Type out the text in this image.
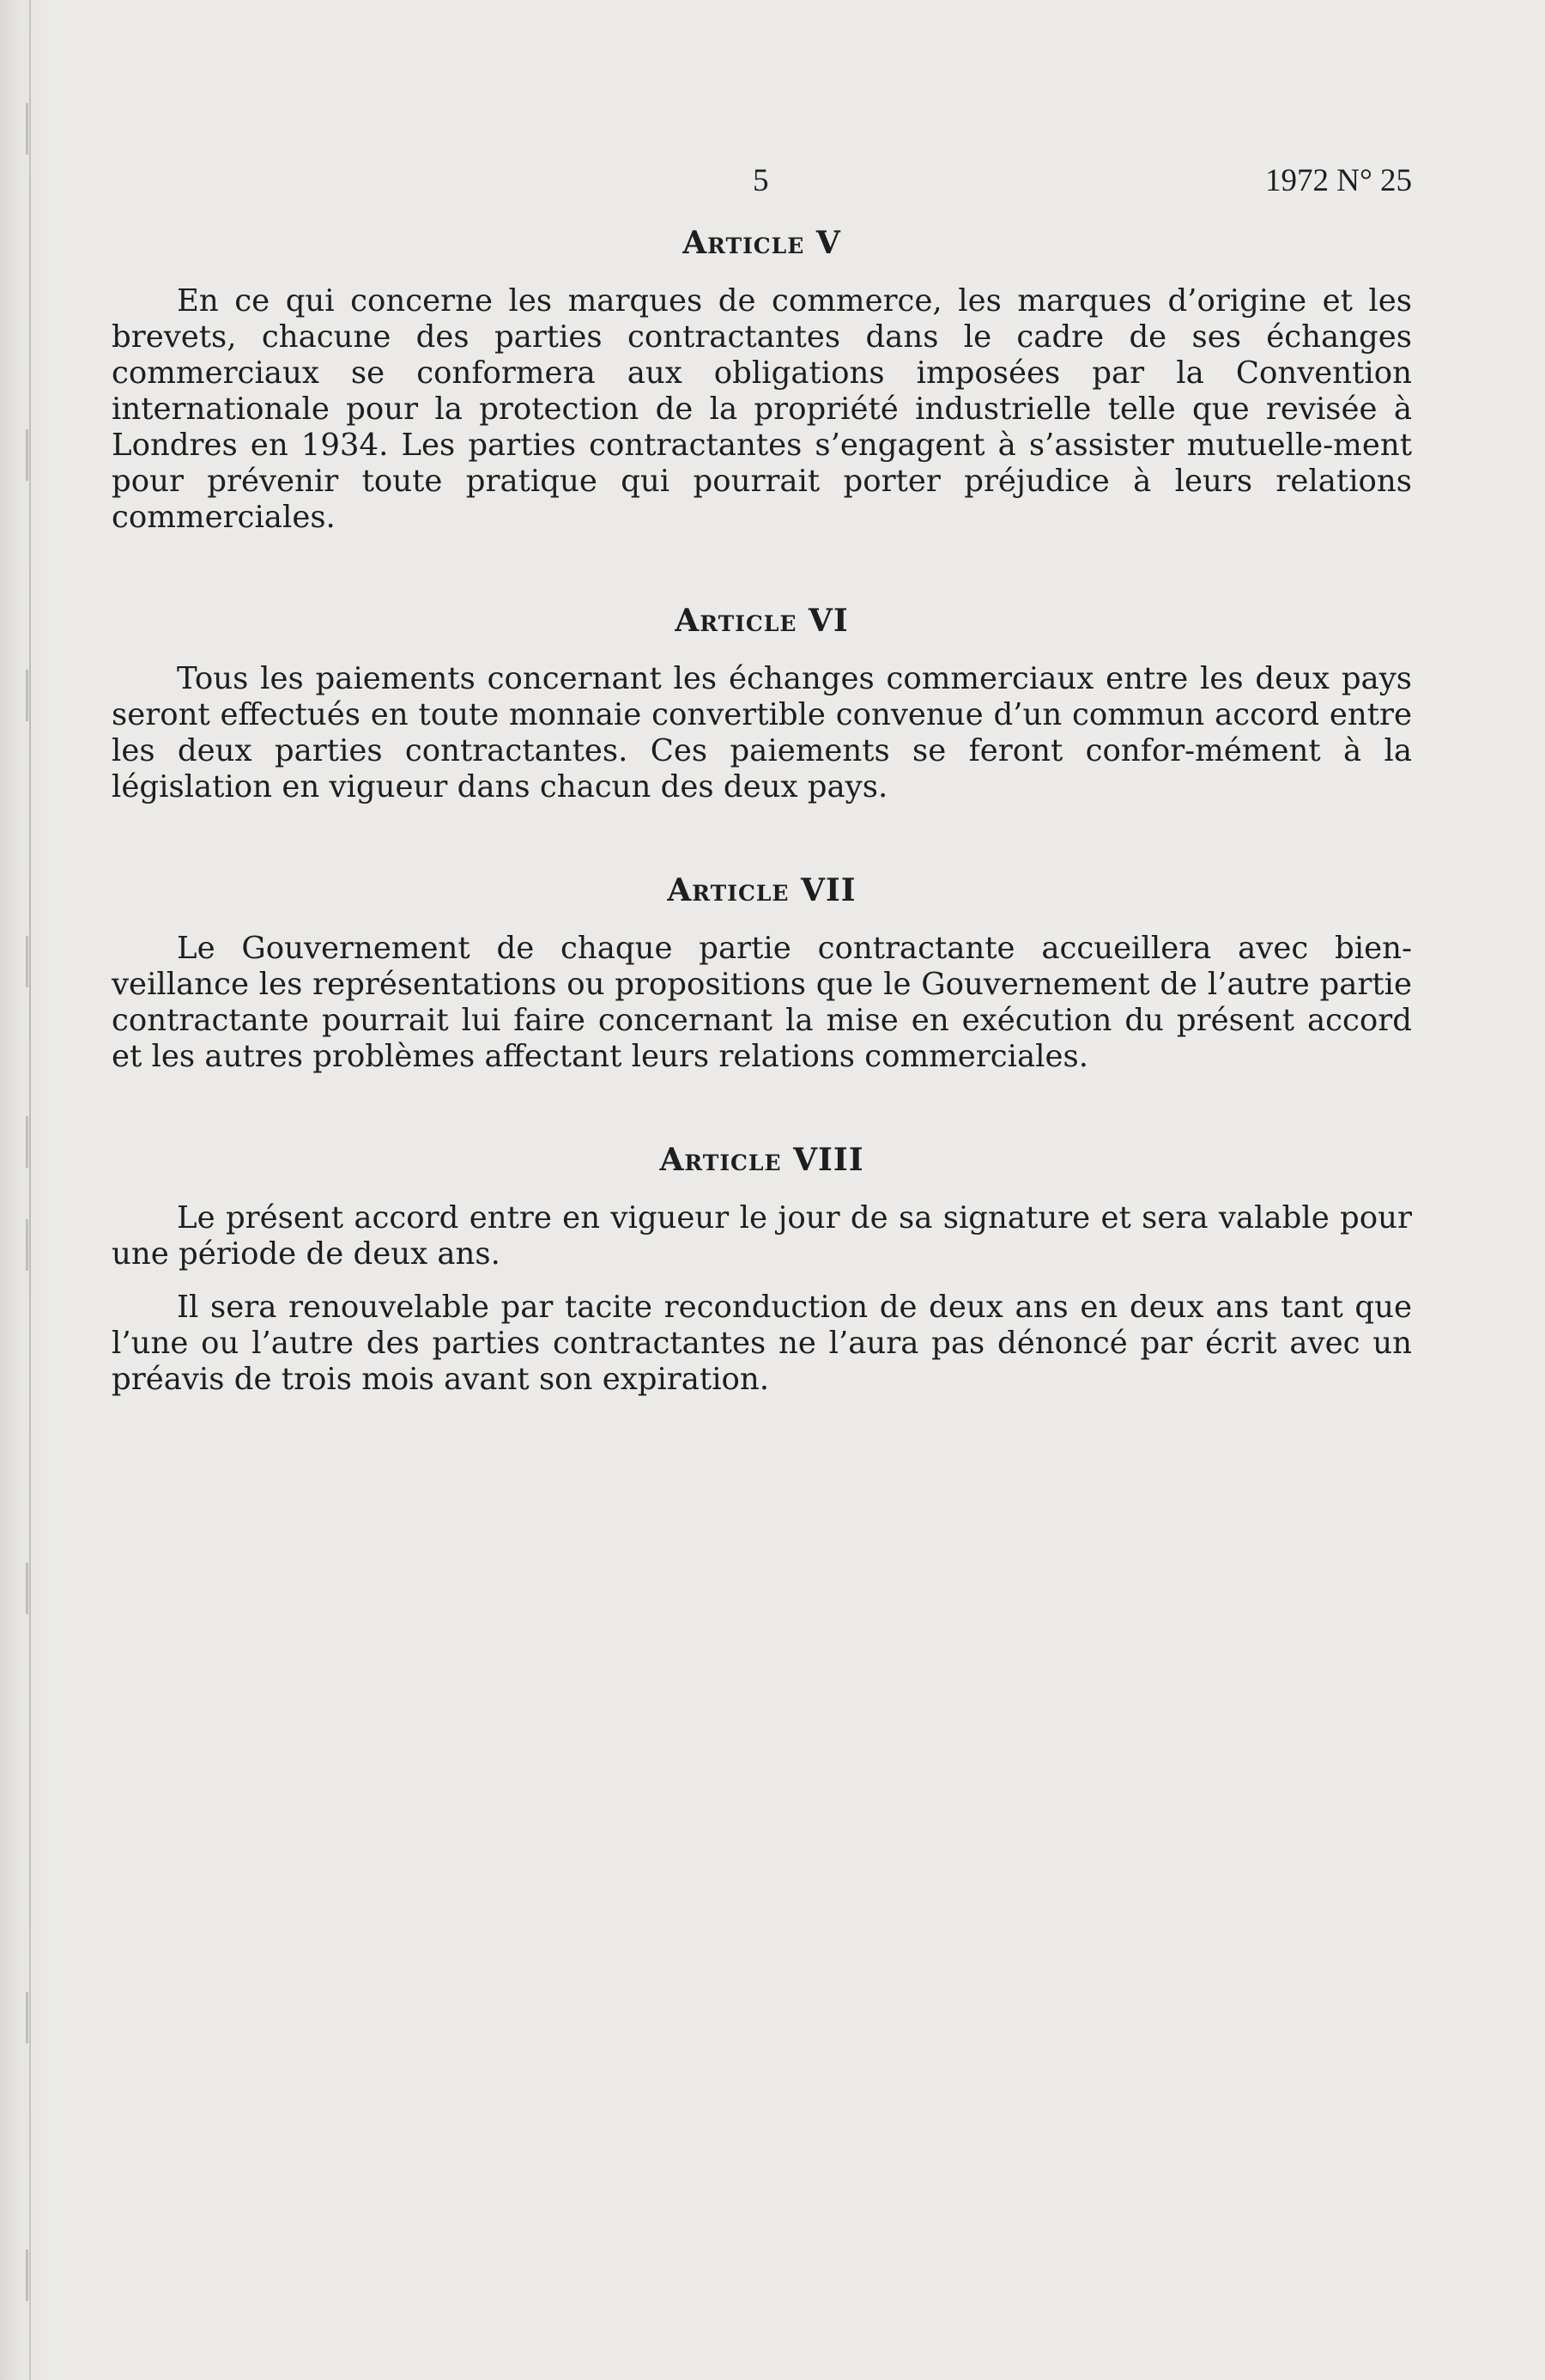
5	1972 N° 25
Article V

En ce qui concerne les marques de commerce, les marques d’origine et les brevets, chacune des parties contractantes dans le cadre de ses échanges commerciaux se conformera aux obligations imposées par la Convention internationale pour la protection de la propriété industrielle telle que revisée à Londres en 1934. Les parties contractantes s’engagent à s’assister mutuelle-ment pour prévenir toute pratique qui pourrait porter préjudice à leurs relations commerciales.

Article VI

Tous les paiements concernant les échanges commerciaux entre les deux pays seront effectués en toute monnaie convertible convenue d’un commun accord entre les deux parties contractantes. Ces paiements se feront confor-mément à la législation en vigueur dans chacun des deux pays.

Article VII

Le Gouvernement de chaque partie contractante accueillera avec bien-veillance les représentations ou propositions que le Gouvernement de l’autre partie contractante pourrait lui faire concernant la mise en exécution du présent accord et les autres problèmes affectant leurs relations commerciales.

Article VIII

Le présent accord entre en vigueur le jour de sa signature et sera valable pour une période de deux ans.

Il sera renouvelable par tacite reconduction de deux ans en deux ans tant que l’une ou l’autre des parties contractantes ne l’aura pas dénoncé par écrit avec un préavis de trois mois avant son expiration.
